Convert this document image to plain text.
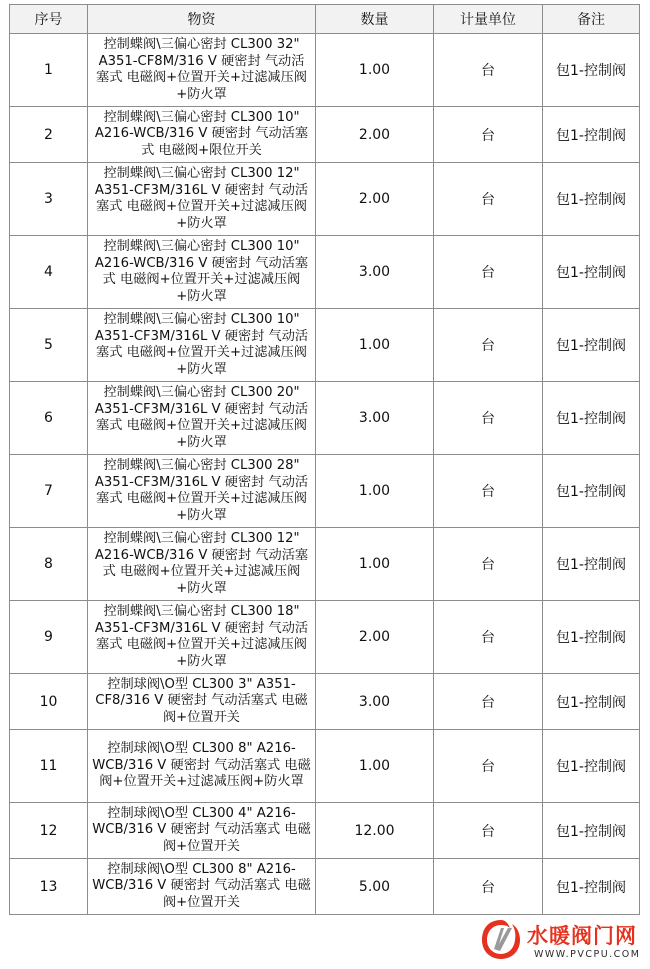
序号	物资	数量	计量单位	备注
1	控制蝶阀\三偏心密封 CL300 32" A351-CF8M/316 V 硬密封 气动活塞式 电磁阀+位置开关+过滤减压阀+防火罩	1.00	台	包1-控制阀
2	控制蝶阀\三偏心密封 CL300 10" A216-WCB/316 V 硬密封 气动活塞式 电磁阀+限位开关	2.00	台	包1-控制阀
3	控制蝶阀\三偏心密封 CL300 12" A351-CF3M/316L V 硬密封 气动活塞式 电磁阀+位置开关+过滤减压阀+防火罩	2.00	台	包1-控制阀
4	控制蝶阀\三偏心密封 CL300 10" A216-WCB/316 V 硬密封 气动活塞式 电磁阀+位置开关+过滤减压阀+防火罩	3.00	台	包1-控制阀
5	控制蝶阀\三偏心密封 CL300 10" A351-CF3M/316L V 硬密封 气动活塞式 电磁阀+位置开关+过滤减压阀+防火罩	1.00	台	包1-控制阀
6	控制蝶阀\三偏心密封 CL300 20" A351-CF3M/316L V 硬密封 气动活塞式 电磁阀+位置开关+过滤减压阀+防火罩	3.00	台	包1-控制阀
7	控制蝶阀\三偏心密封 CL300 28" A351-CF3M/316L V 硬密封 气动活塞式 电磁阀+位置开关+过滤减压阀+防火罩	1.00	台	包1-控制阀
8	控制蝶阀\三偏心密封 CL300 12" A216-WCB/316 V 硬密封 气动活塞式 电磁阀+位置开关+过滤减压阀+防火罩	1.00	台	包1-控制阀
9	控制蝶阀\三偏心密封 CL300 18" A351-CF3M/316L V 硬密封 气动活塞式 电磁阀+位置开关+过滤减压阀+防火罩	2.00	台	包1-控制阀
10	控制球阀\O型 CL300 3" A351-CF8/316 V 硬密封 气动活塞式 电磁阀+位置开关	3.00	台	包1-控制阀
11	控制球阀\O型 CL300 8" A216-WCB/316 V 硬密封 气动活塞式 电磁阀+位置开关+过滤减压阀+防火罩	1.00	台	包1-控制阀
12	控制球阀\O型 CL300 4" A216-WCB/316 V 硬密封 气动活塞式 电磁阀+位置开关	12.00	台	包1-控制阀
13	控制球阀\O型 CL300 8" A216-WCB/316 V 硬密封 气动活塞式 电磁阀+位置开关	5.00	台	包1-控制阀
水暖阀门网
WWW.PVCPU.COM
